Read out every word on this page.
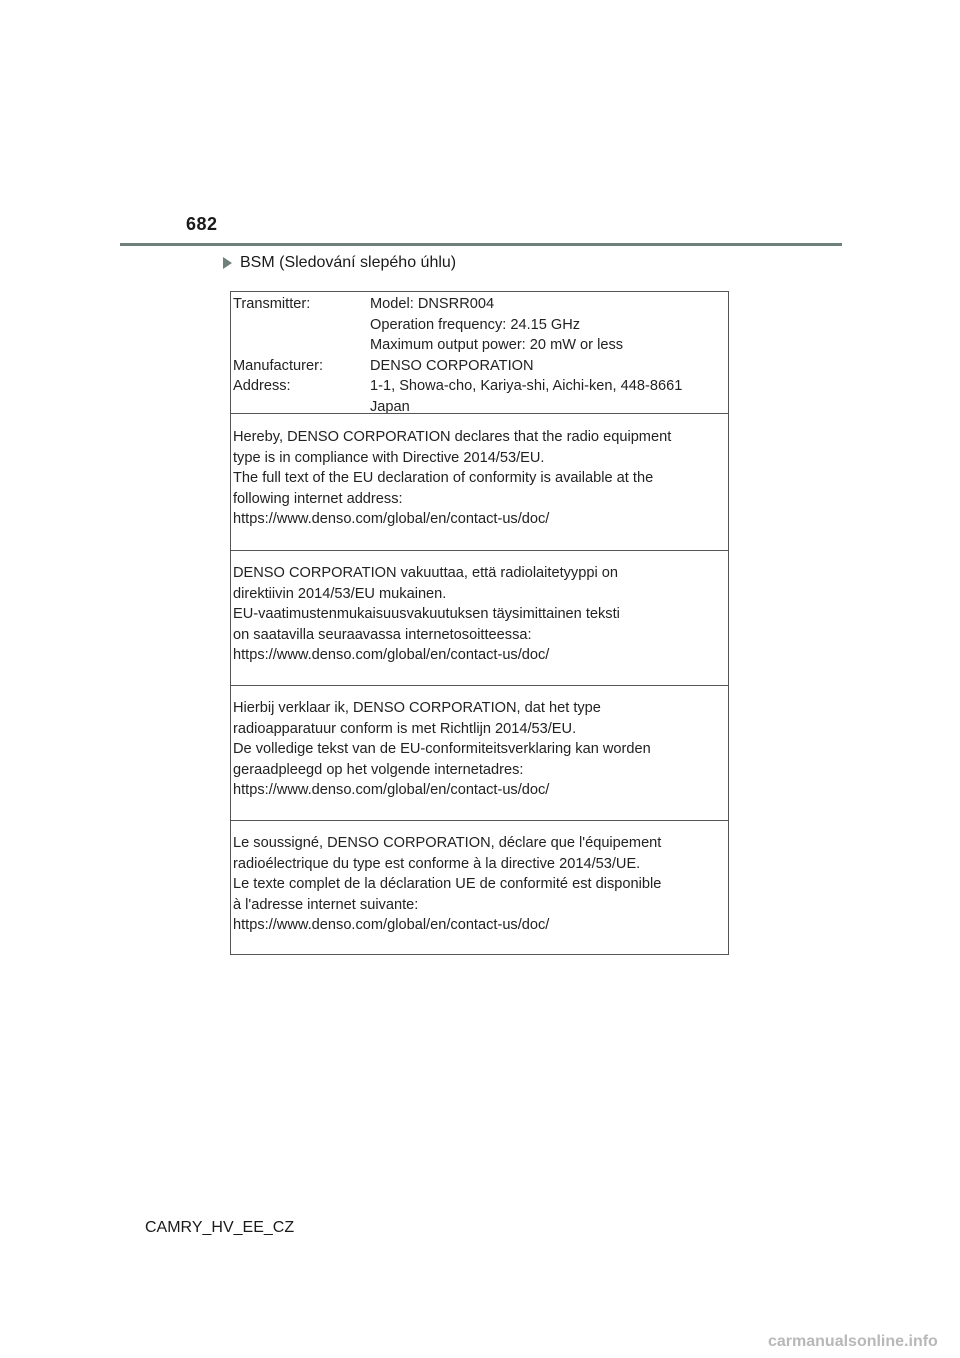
682
BSM (Sledování slepého úhlu)
Transmitter:	Model: DNSRR004
Operation frequency: 24.15 GHz
Maximum output power: 20 mW or less
Manufacturer:	DENSO CORPORATION
Address:	1-1, Showa-cho, Kariya-shi, Aichi-ken, 448-8661
Japan
Hereby, DENSO CORPORATION declares that the radio equipment
type is in compliance with Directive 2014/53/EU.
The full text of the EU declaration of conformity is available at the
following internet address:
https://www.denso.com/global/en/contact-us/doc/
DENSO CORPORATION vakuuttaa, että radiolaitetyyppi on
direktiivin 2014/53/EU mukainen.
EU-vaatimustenmukaisuusvakuutuksen täysimittainen teksti
on saatavilla seuraavassa internetosoitteessa:
https://www.denso.com/global/en/contact-us/doc/
Hierbij verklaar ik, DENSO CORPORATION, dat het type
radioapparatuur conform is met Richtlijn 2014/53/EU.
De volledige tekst van de EU-conformiteitsverklaring kan worden
geraadpleegd op het volgende internetadres:
https://www.denso.com/global/en/contact-us/doc/
Le soussigné, DENSO CORPORATION, déclare que l'équipement
radioélectrique du type est conforme à la directive 2014/53/UE.
Le texte complet de la déclaration UE de conformité est disponible
à l'adresse internet suivante:
https://www.denso.com/global/en/contact-us/doc/
CAMRY_HV_EE_CZ
carmanualsonline.info
